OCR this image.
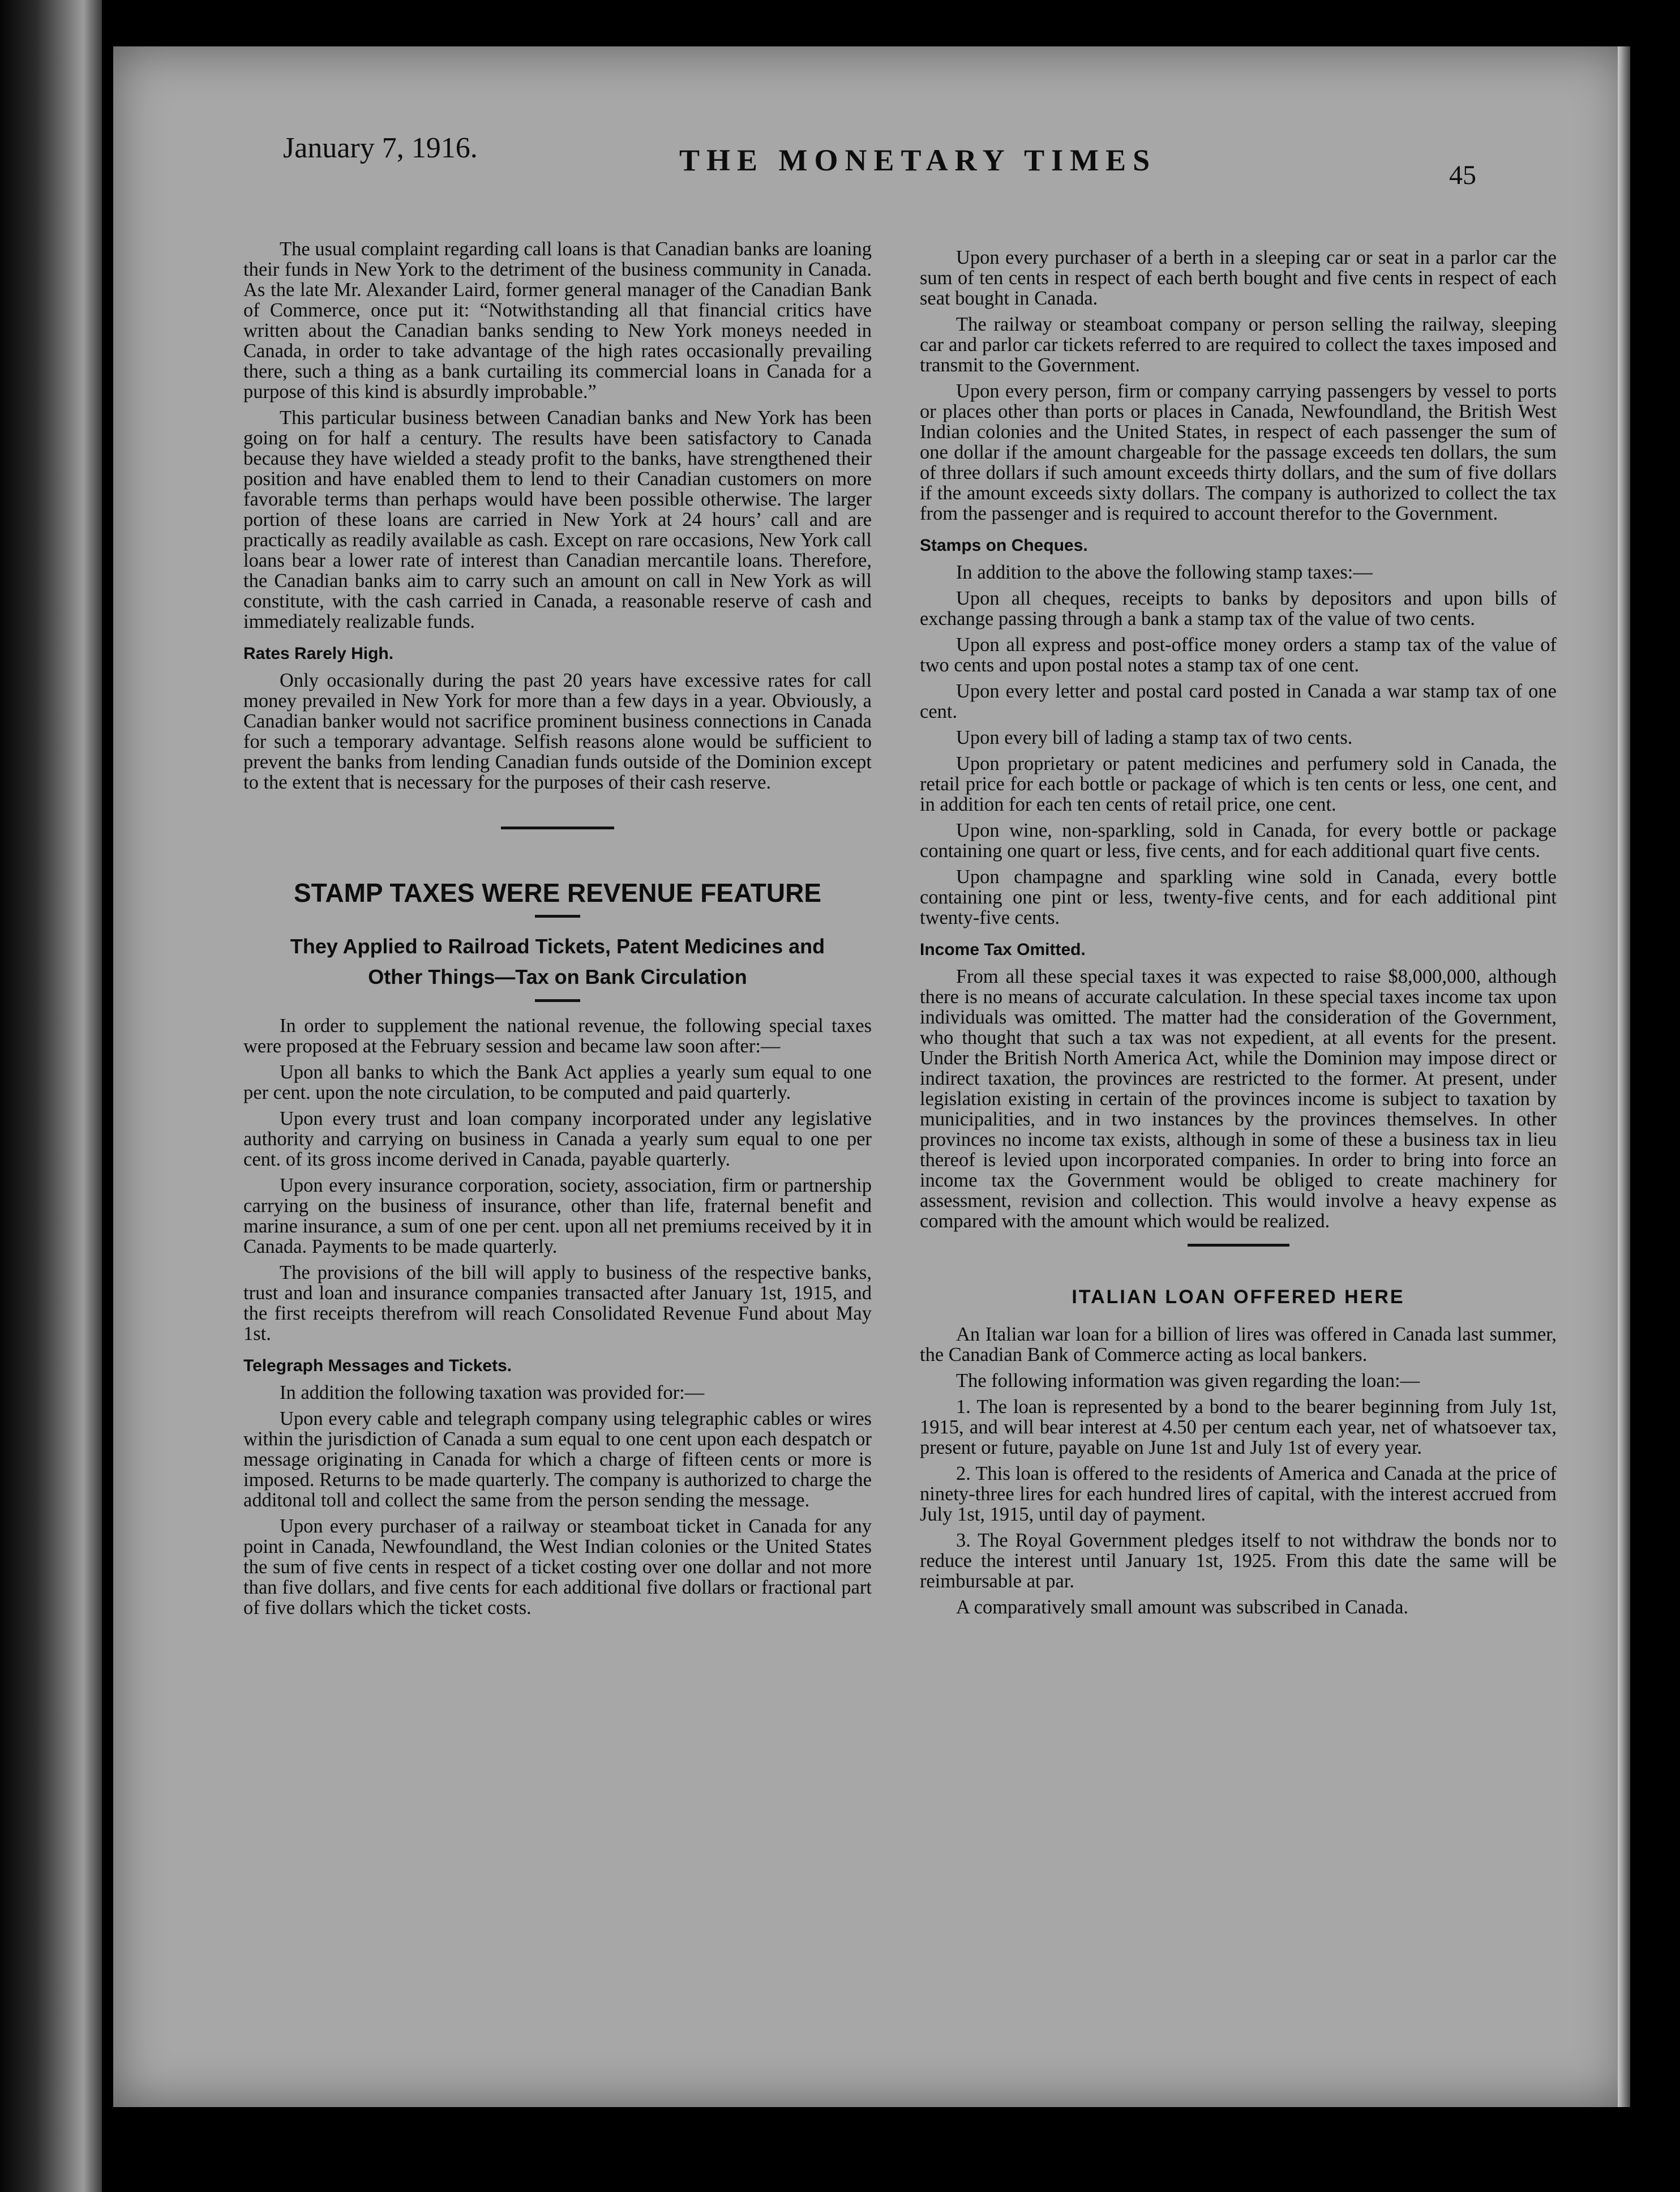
January 7, 1916.	THE MONETARY TIMES	45

The usual complaint regarding call loans is that Canadian banks are loaning their funds in New York to the detriment of the business community in Canada. As the late Mr. Alexander Laird, former general manager of the Canadian Bank of Commerce, once put it: “Notwithstanding all that financial critics have written about the Canadian banks sending to New York moneys needed in Canada, in order to take advantage of the high rates occasionally prevailing there, such a thing as a bank curtailing its commercial loans in Canada for a purpose of this kind is absurdly improbable.”

This particular business between Canadian banks and New York has been going on for half a century. The results have been satisfactory to Canada because they have wielded a steady profit to the banks, have strengthened their position and have enabled them to lend to their Canadian customers on more favorable terms than perhaps would have been possible otherwise. The larger portion of these loans are carried in New York at 24 hours’ call and are practically as readily available as cash. Except on rare occasions, New York call loans bear a lower rate of interest than Canadian mercantile loans. Therefore, the Canadian banks aim to carry such an amount on call in New York as will constitute, with the cash carried in Canada, a reasonable reserve of cash and immediately realizable funds.

Rates Rarely High.

Only occasionally during the past 20 years have excessive rates for call money prevailed in New York for more than a few days in a year. Obviously, a Canadian banker would not sacrifice prominent business connections in Canada for such a temporary advantage. Selfish reasons alone would be sufficient to prevent the banks from lending Canadian funds outside of the Dominion except to the extent that is necessary for the purposes of their cash reserve.

STAMP TAXES WERE REVENUE FEATURE
They Applied to Railroad Tickets, Patent Medicines and
Other Things—Tax on Bank Circulation

In order to supplement the national revenue, the following special taxes were proposed at the February session and became law soon after:—

Upon all banks to which the Bank Act applies a yearly sum equal to one per cent. upon the note circulation, to be computed and paid quarterly.

Upon every trust and loan company incorporated under any legislative authority and carrying on business in Canada a yearly sum equal to one per cent. of its gross income derived in Canada, payable quarterly.

Upon every insurance corporation, society, association, firm or partnership carrying on the business of insurance, other than life, fraternal benefit and marine insurance, a sum of one per cent. upon all net premiums received by it in Canada. Payments to be made quarterly.

The provisions of the bill will apply to business of the respective banks, trust and loan and insurance companies transacted after January 1st, 1915, and the first receipts therefrom will reach Consolidated Revenue Fund about May 1st.

Telegraph Messages and Tickets.

In addition the following taxation was provided for:—

Upon every cable and telegraph company using telegraphic cables or wires within the jurisdiction of Canada a sum equal to one cent upon each despatch or message originating in Canada for which a charge of fifteen cents or more is imposed. Returns to be made quarterly. The company is authorized to charge the additonal toll and collect the same from the person sending the message.

Upon every purchaser of a railway or steamboat ticket in Canada for any point in Canada, Newfoundland, the West Indian colonies or the United States the sum of five cents in respect of a ticket costing over one dollar and not more than five dollars, and five cents for each additional five dollars or fractional part of five dollars which the ticket costs.

Upon every purchaser of a berth in a sleeping car or seat in a parlor car the sum of ten cents in respect of each berth bought and five cents in respect of each seat bought in Canada.

The railway or steamboat company or person selling the railway, sleeping car and parlor car tickets referred to are required to collect the taxes imposed and transmit to the Government.

Upon every person, firm or company carrying passengers by vessel to ports or places other than ports or places in Canada, Newfoundland, the British West Indian colonies and the United States, in respect of each passenger the sum of one dollar if the amount chargeable for the passage exceeds ten dollars, the sum of three dollars if such amount exceeds thirty dollars, and the sum of five dollars if the amount exceeds sixty dollars. The company is authorized to collect the tax from the passenger and is required to account therefor to the Government.

Stamps on Cheques.

In addition to the above the following stamp taxes:—

Upon all cheques, receipts to banks by depositors and upon bills of exchange passing through a bank a stamp tax of the value of two cents.

Upon all express and post-office money orders a stamp tax of the value of two cents and upon postal notes a stamp tax of one cent.

Upon every letter and postal card posted in Canada a war stamp tax of one cent.

Upon every bill of lading a stamp tax of two cents.

Upon proprietary or patent medicines and perfumery sold in Canada, the retail price for each bottle or package of which is ten cents or less, one cent, and in addition for each ten cents of retail price, one cent.

Upon wine, non-sparkling, sold in Canada, for every bottle or package containing one quart or less, five cents, and for each additional quart five cents.

Upon champagne and sparkling wine sold in Canada, every bottle containing one pint or less, twenty-five cents, and for each additional pint twenty-five cents.

Income Tax Omitted.

From all these special taxes it was expected to raise $8,000,000, although there is no means of accurate calculation. In these special taxes income tax upon individuals was omitted. The matter had the consideration of the Government, who thought that such a tax was not expedient, at all events for the present. Under the British North America Act, while the Dominion may impose direct or indirect taxation, the provinces are restricted to the former. At present, under legislation existing in certain of the provinces income is subject to taxation by municipalities, and in two instances by the provinces themselves. In other provinces no income tax exists, although in some of these a business tax in lieu thereof is levied upon incorporated companies. In order to bring into force an income tax the Government would be obliged to create machinery for assessment, revision and collection. This would involve a heavy expense as compared with the amount which would be realized.

ITALIAN LOAN OFFERED HERE

An Italian war loan for a billion of lires was offered in Canada last summer, the Canadian Bank of Commerce acting as local bankers.

The following information was given regarding the loan:—

1. The loan is represented by a bond to the bearer beginning from July 1st, 1915, and will bear interest at 4.50 per centum each year, net of whatsoever tax, present or future, payable on June 1st and July 1st of every year.

2. This loan is offered to the residents of America and Canada at the price of ninety-three lires for each hundred lires of capital, with the interest accrued from July 1st, 1915, until day of payment.

3. The Royal Government pledges itself to not withdraw the bonds nor to reduce the interest until January 1st, 1925. From this date the same will be reimbursable at par.

A comparatively small amount was subscribed in Canada.
